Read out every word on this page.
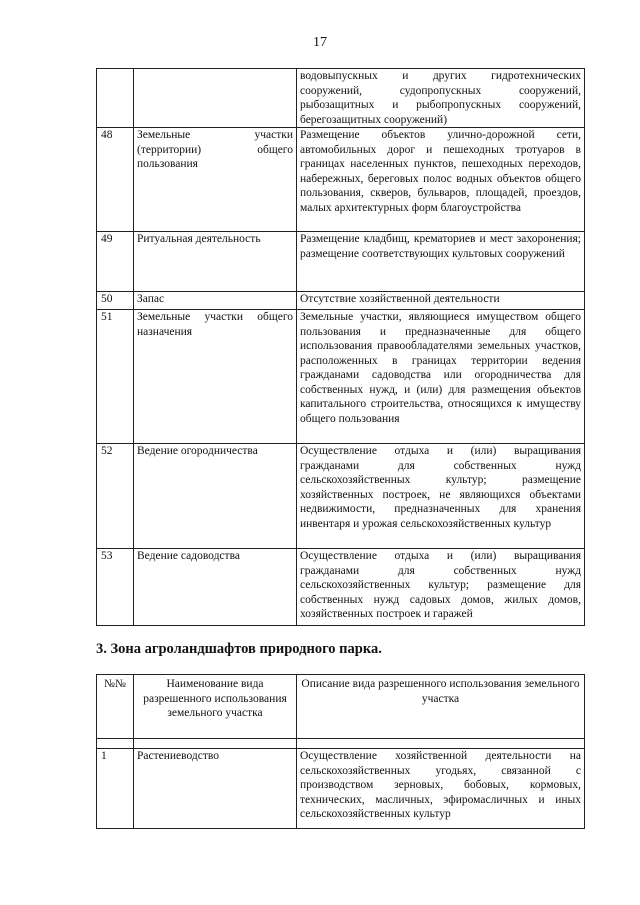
17
		водовыпускных и других гидротехнических сооружений, судопропускных сооружений, рыбозащитных и рыбопропускных сооружений, берегозащитных сооружений)
48	Земельные участки (территории) общего пользования	Размещение объектов улично-дорожной сети, автомобильных дорог и пешеходных тротуаров в границах населенных пунктов, пешеходных переходов, набережных, береговых полос водных объектов общего пользования, скверов, бульваров, площадей, проездов, малых архитектурных форм благоустройства
49	Ритуальная деятельность	Размещение кладбищ, крематориев и мест захоронения; размещение соответствующих культовых сооружений
50	Запас	Отсутствие хозяйственной деятельности
51	Земельные участки общего назначения	Земельные участки, являющиеся имуществом общего пользования и предназначенные для общего использования правообладателями земельных участков, расположенных в границах территории ведения гражданами садоводства или огородничества для собственных нужд, и (или) для размещения объектов капитального строительства, относящихся к имуществу общего пользования
52	Ведение огородничества	Осуществление отдыха и (или) выращивания гражданами для собственных нужд сельскохозяйственных культур; размещение хозяйственных построек, не являющихся объектами недвижимости, предназначенных для хранения инвентаря и урожая сельскохозяйственных культур
53	Ведение садоводства	Осуществление отдыха и (или) выращивания гражданами для собственных нужд сельскохозяйственных культур; размещение для собственных нужд садовых домов, жилых домов, хозяйственных построек и гаражей
3. Зона агроландшафтов природного парка.
№№	Наименование вида разрешенного использования земельного участка	Описание вида разрешенного использования земельного участка

1	Растениеводство	Осуществление хозяйственной деятельности на сельскохозяйственных угодьях, связанной с производством зерновых, бобовых, кормовых, технических, масличных, эфиромасличных и иных сельскохозяйственных культур
